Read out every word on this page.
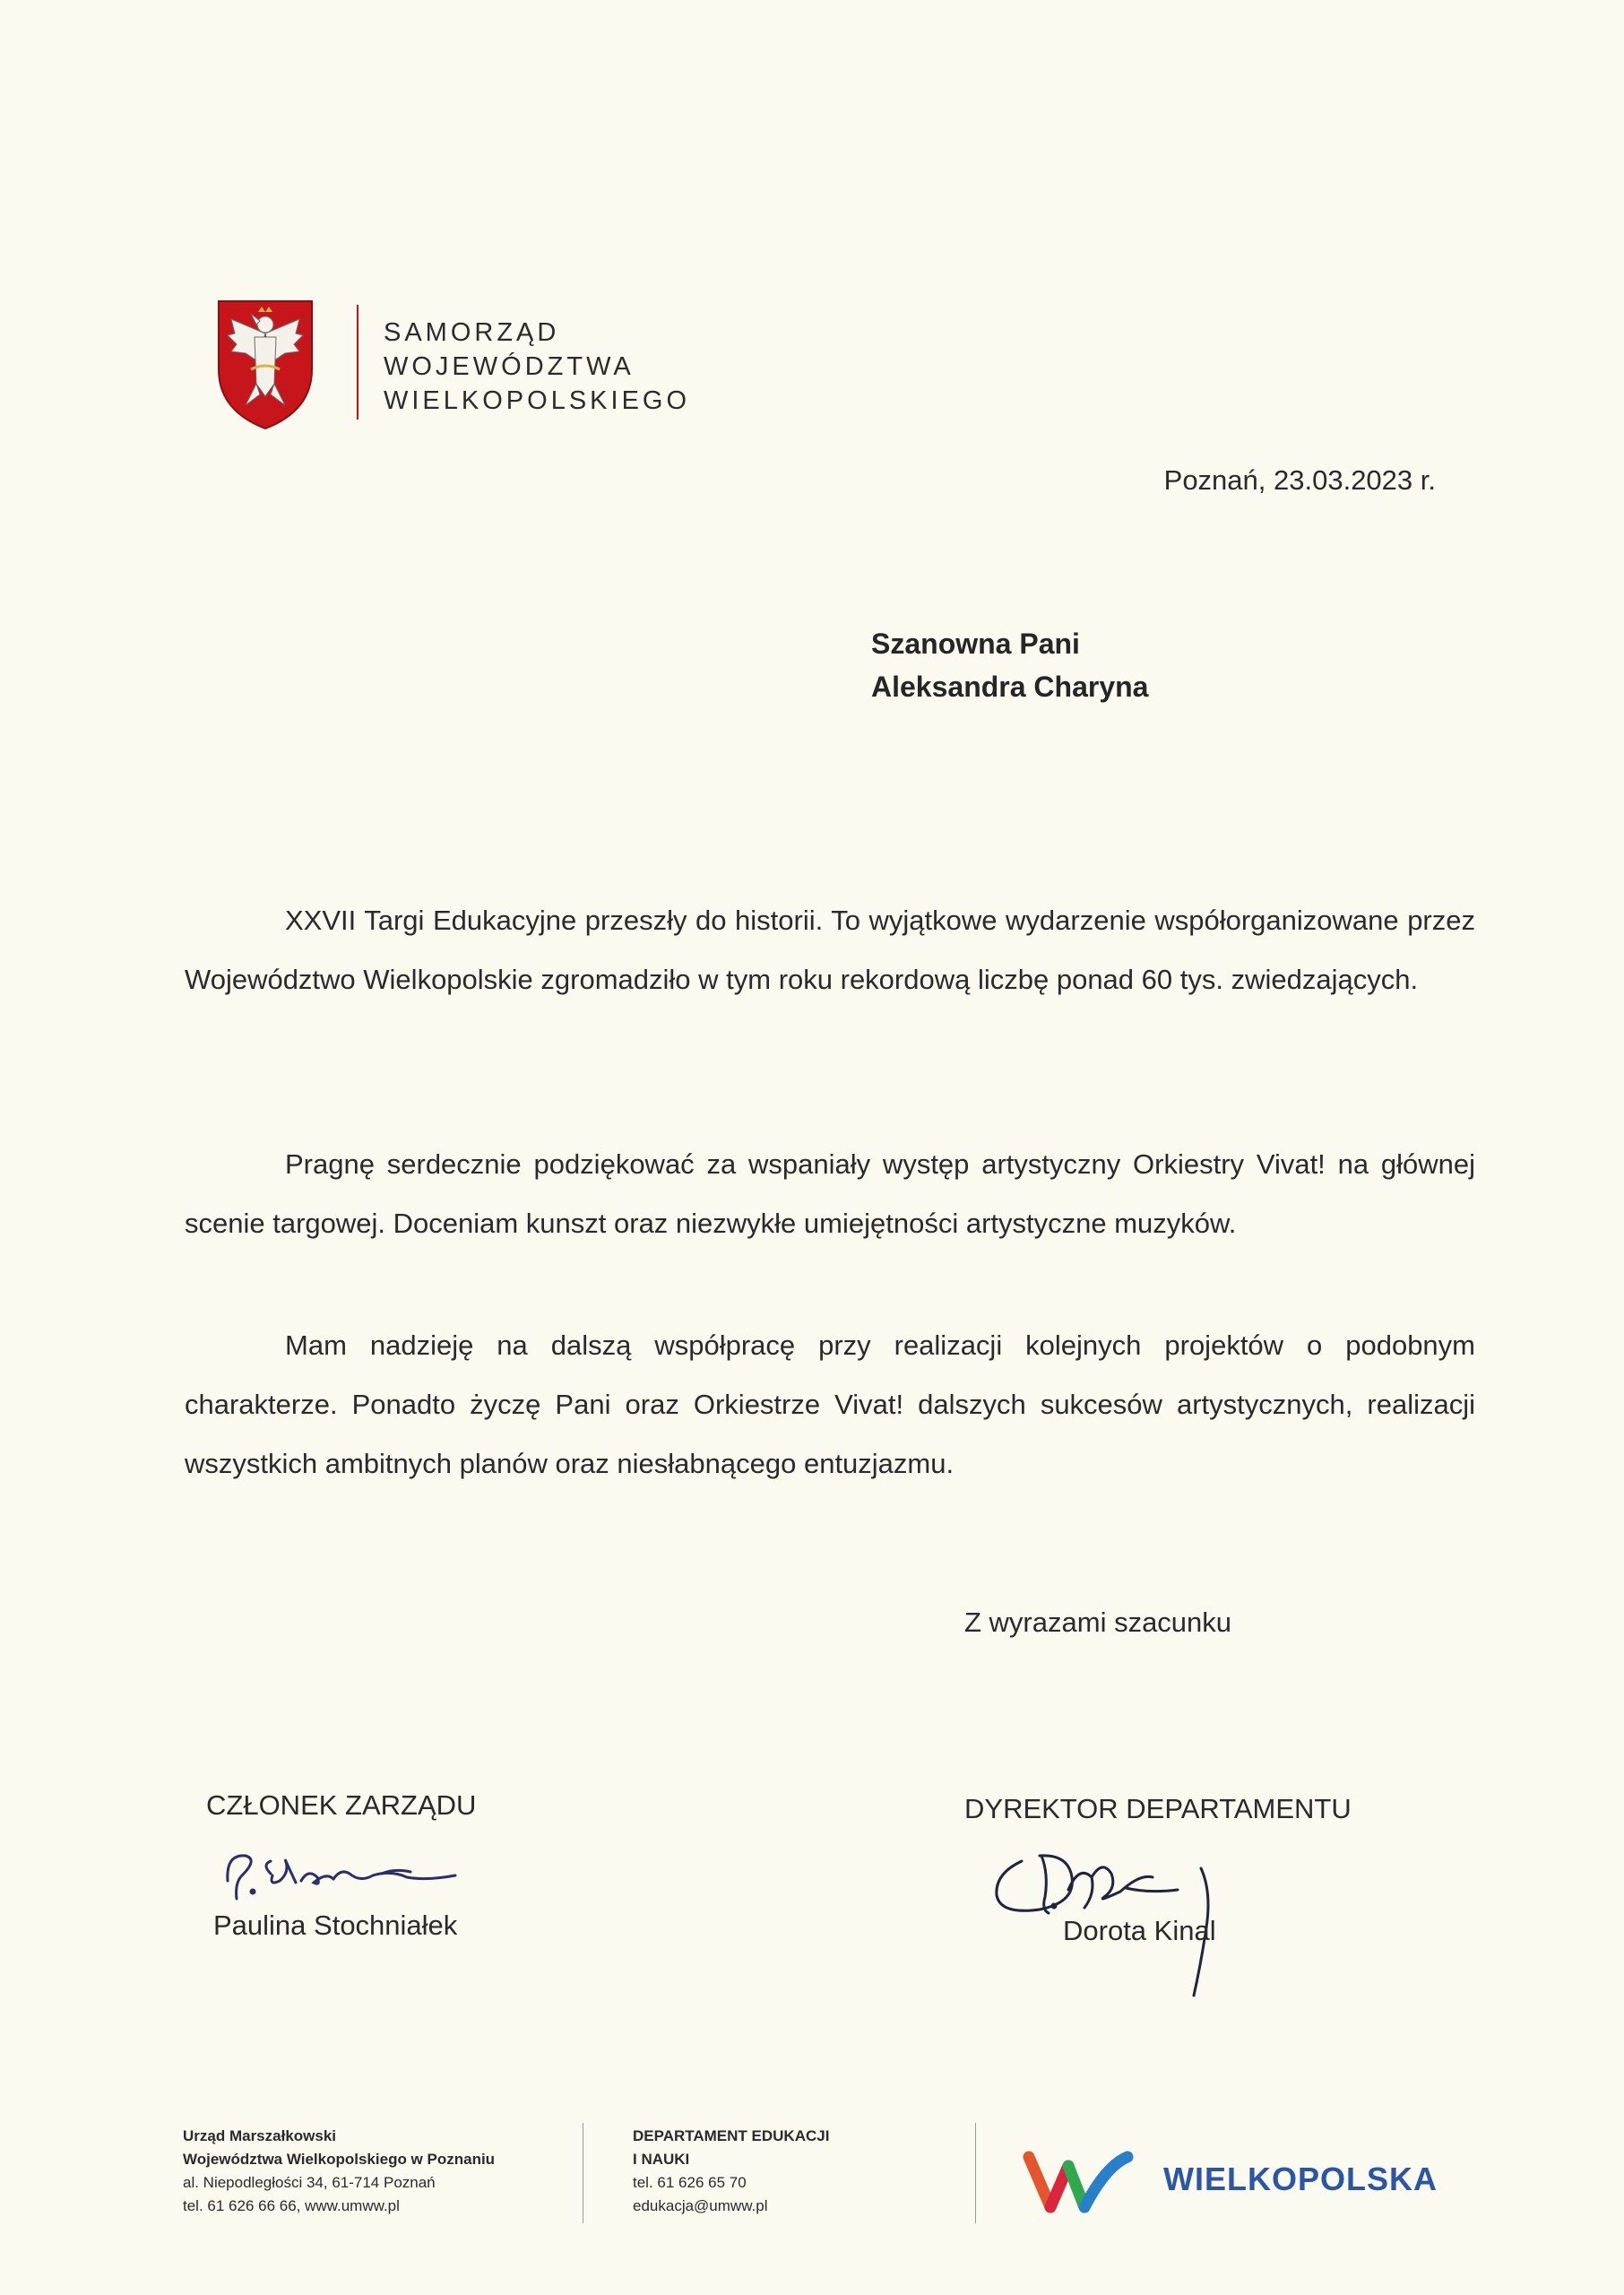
SAMORZĄD
WOJEWÓDZTWA
WIELKOPOLSKIEGO
Poznań, 23.03.2023 r.
Szanowna Pani
Aleksandra Charyna
XXVII Targi Edukacyjne przeszły do historii. To wyjątkowe wydarzenie współorganizowane przez Województwo Wielkopolskie zgromadziło w tym roku rekordową liczbę ponad 60 tys. zwiedzających.
Pragnę serdecznie podziękować za wspaniały występ artystyczny Orkiestry Vivat! na głównej scenie targowej. Doceniam kunszt oraz niezwykłe umiejętności artystyczne muzyków.
Mam nadzieję na dalszą współpracę przy realizacji kolejnych projektów o podobnym charakterze. Ponadto życzę Pani oraz Orkiestrze Vivat! dalszych sukcesów artystycznych, realizacji wszystkich ambitnych planów oraz niesłabnącego entuzjazmu.
Z wyrazami szacunku
CZŁONEK ZARZĄDU
Paulina Stochniałek
DYREKTOR DEPARTAMENTU
Dorota Kinal
Urząd Marszałkowski
Województwa Wielkopolskiego w Poznaniu
al. Niepodległości 34, 61-714 Poznań
tel. 61 626 66 66, www.umww.pl
DEPARTAMENT EDUKACJI
I NAUKI
tel. 61 626 65 70
edukacja@umww.pl
WIELKOPOLSKA
